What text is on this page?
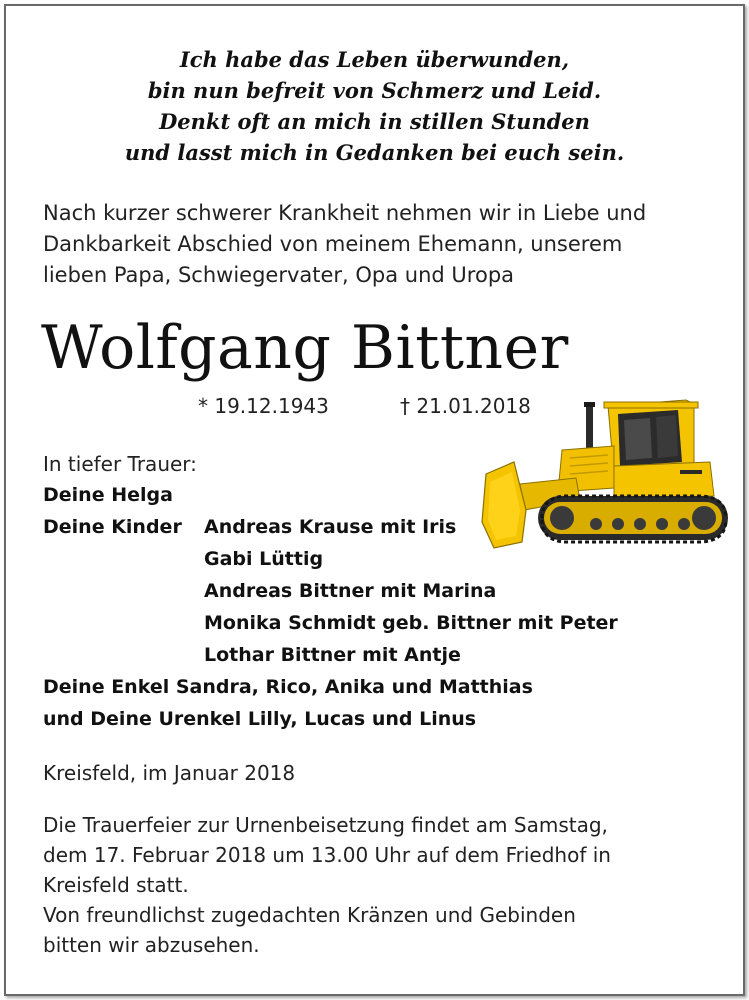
Ich habe das Leben überwunden,
bin nun befreit von Schmerz und Leid.
Denkt oft an mich in stillen Stunden
und lasst mich in Gedanken bei euch sein.
Nach kurzer schwerer Krankheit nehmen wir in Liebe und
Dankbarkeit Abschied von meinem Ehemann, unserem
lieben Papa, Schwiegervater, Opa und Uropa
Wolfgang Bittner
* 19.12.1943	† 21.01.2018
In tiefer Trauer:
Deine Helga
Deine Kinder Andreas Krause mit Iris
Gabi Lüttig
Andreas Bittner mit Marina
Monika Schmidt geb. Bittner mit Peter
Lothar Bittner mit Antje
Deine Enkel Sandra, Rico, Anika und Matthias
und Deine Urenkel Lilly, Lucas und Linus
Kreisfeld, im Januar 2018
Die Trauerfeier zur Urnenbeisetzung findet am Samstag,
dem 17. Februar 2018 um 13.00 Uhr auf dem Friedhof in
Kreisfeld statt.
Von freundlichst zugedachten Kränzen und Gebinden
bitten wir abzusehen.
